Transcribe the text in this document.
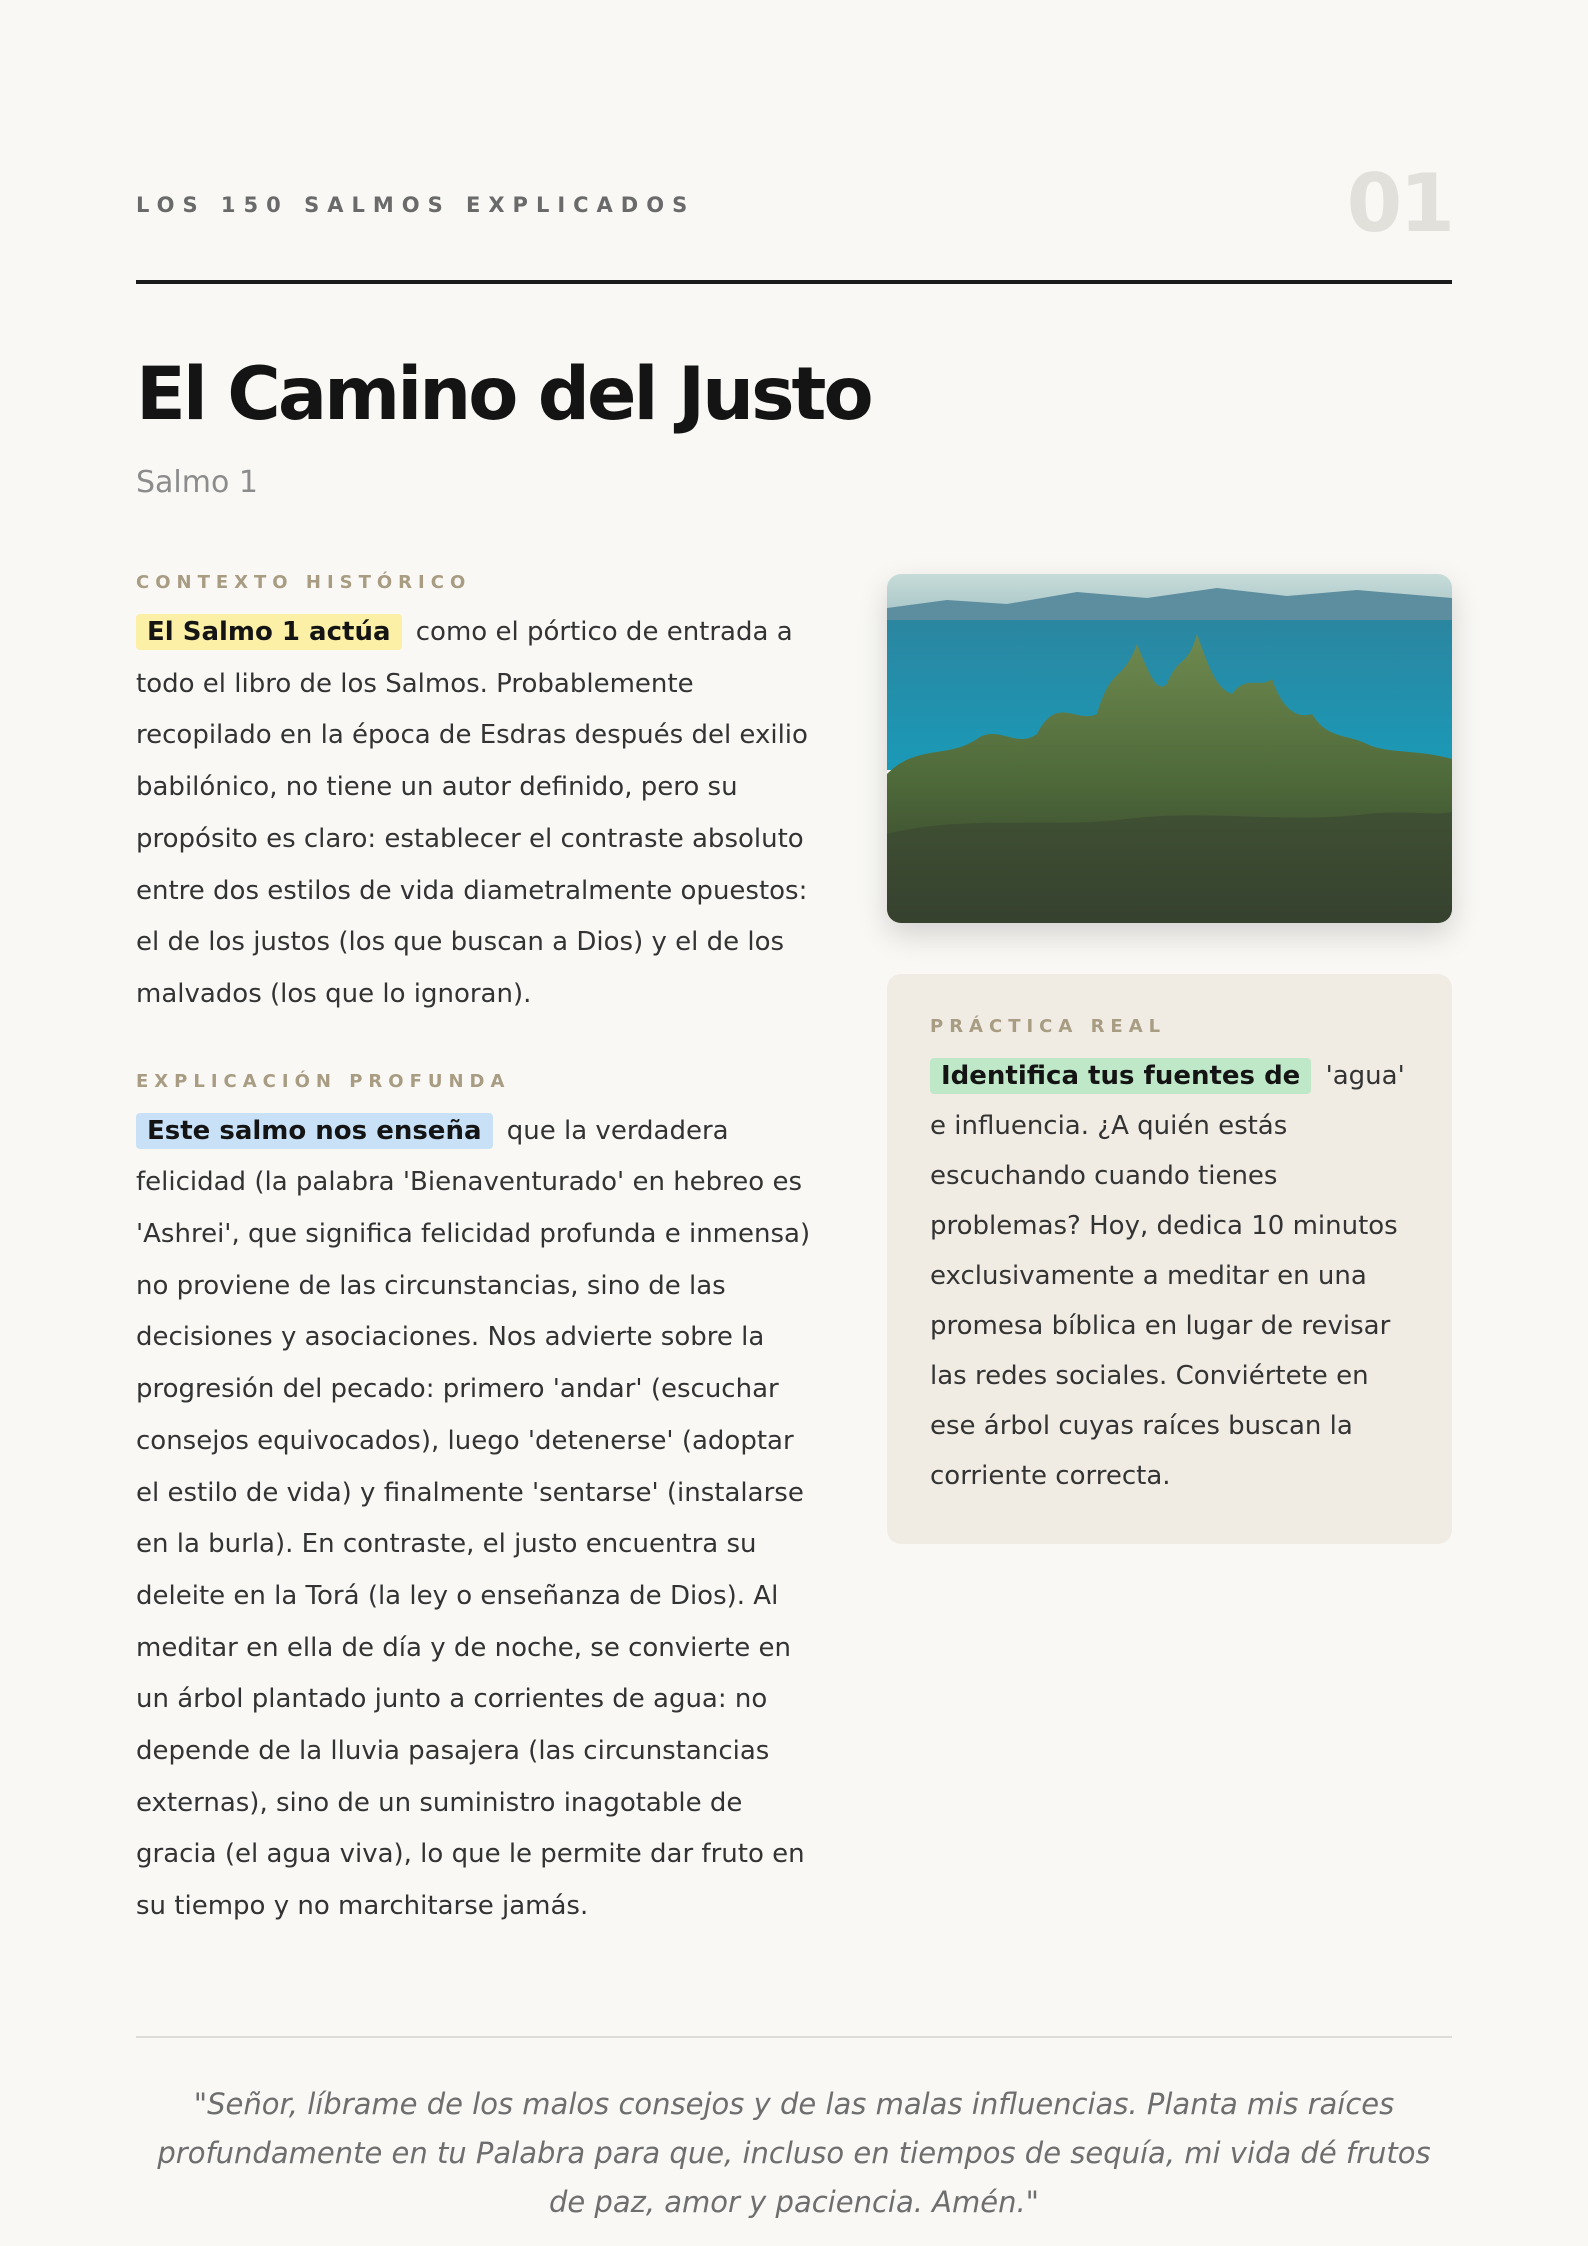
LOS 150 SALMOS EXPLICADOS	01
El Camino del Justo
Salmo 1
CONTEXTO HISTÓRICO

El Salmo 1 actúa como el pórtico de entrada a todo el libro de los Salmos. Probablemente recopilado en la época de Esdras después del exilio babilónico, no tiene un autor definido, pero su propósito es claro: establecer el contraste absoluto entre dos estilos de vida diametralmente opuestos: el de los justos (los que buscan a Dios) y el de los malvados (los que lo ignoran).

EXPLICACIÓN PROFUNDA

Este salmo nos enseña que la verdadera felicidad (la palabra 'Bienaventurado' en hebreo es 'Ashrei', que significa felicidad profunda e inmensa) no proviene de las circunstancias, sino de las decisiones y asociaciones. Nos advierte sobre la progresión del pecado: primero 'andar' (escuchar consejos equivocados), luego 'detenerse' (adoptar el estilo de vida) y finalmente 'sentarse' (instalarse en la burla). En contraste, el justo encuentra su deleite en la Torá (la ley o enseñanza de Dios). Al meditar en ella de día y de noche, se convierte en un árbol plantado junto a corrientes de agua: no depende de la lluvia pasajera (las circunstancias externas), sino de un suministro inagotable de gracia (el agua viva), lo que le permite dar fruto en su tiempo y no marchitarse jamás.

PRÁCTICA REAL
Identifica tus fuentes de 'agua' e influencia. ¿A quién estás escuchando cuando tienes problemas? Hoy, dedica 10 minutos exclusivamente a meditar en una promesa bíblica en lugar de revisar las redes sociales. Conviértete en ese árbol cuyas raíces buscan la corriente correcta.

"Señor, líbrame de los malos consejos y de las malas influencias. Planta mis raíces profundamente en tu Palabra para que, incluso en tiempos de sequía, mi vida dé frutos de paz, amor y paciencia. Amén."
